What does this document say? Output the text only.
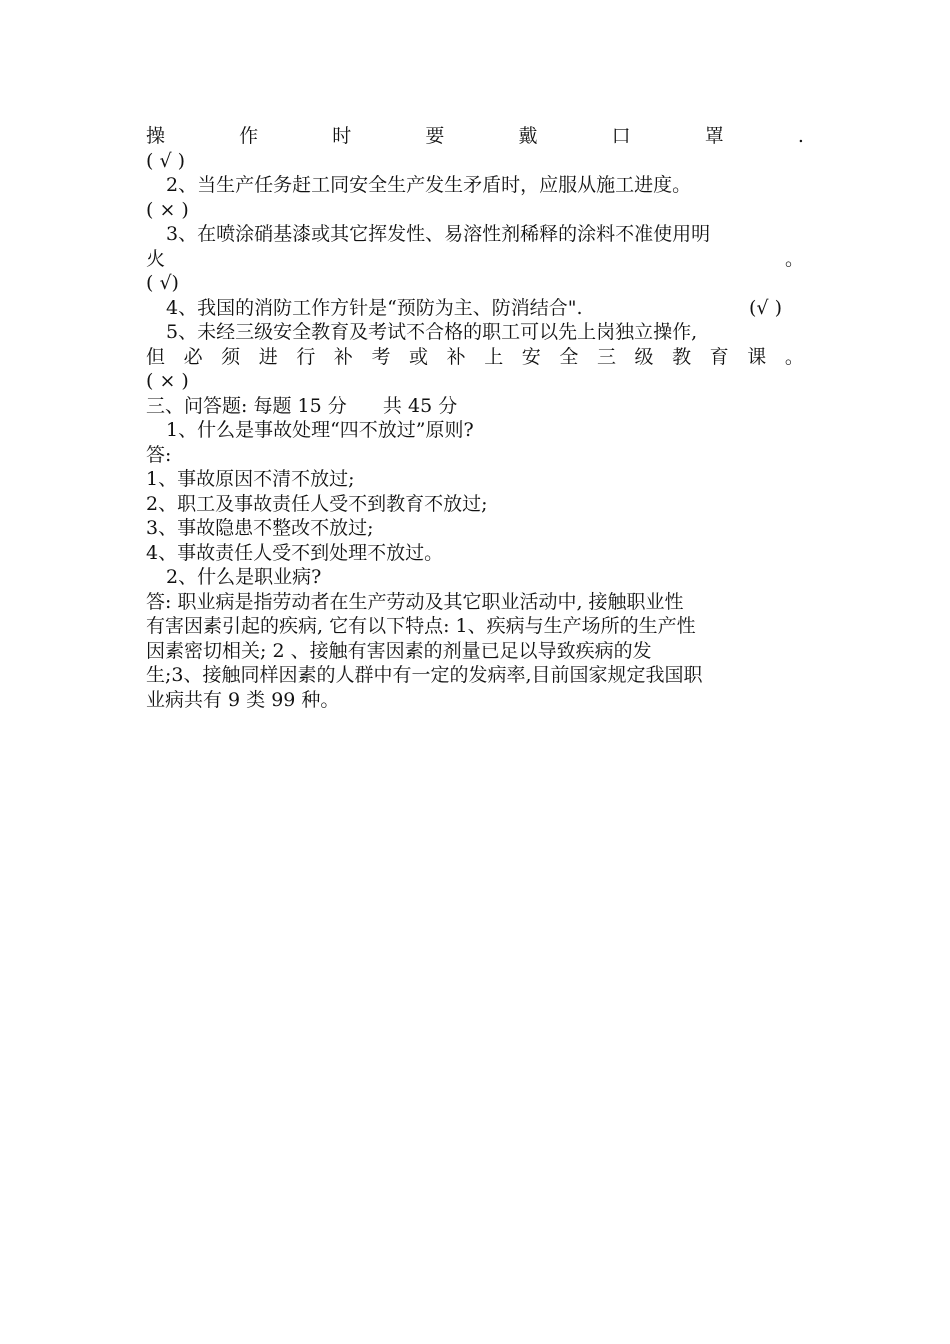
操	作	时	要	戴	口	罩	.
( √ )
2、当生产任务赶工同安全生产发生矛盾时，应服从施工进度。
( × )
3、在喷涂硝基漆或其它挥发性、易溶性剂稀释的涂料不准使用明
火	。
( √)
4、我国的消防工作方针是“预防为主、防消结合".	(√ )
5、未经三级安全教育及考试不合格的职工可以先上岗独立操作,
但 必 须 进 行 补 考 或 补 上 安 全 三 级 教 育 课 。
( × )
三、问答题: 每题 15 分      共 45 分
1、什么是事故处理“四不放过”原则?
答:
1、事故原因不清不放过;
2、职工及事故责任人受不到教育不放过;
3、事故隐患不整改不放过;
4、事故责任人受不到处理不放过。
2、什么是职业病?
答: 职业病是指劳动者在生产劳动及其它职业活动中, 接触职业性
有害因素引起的疾病, 它有以下特点: 1、疾病与生产场所的生产性
因素密切相关; 2 、接触有害因素的剂量已足以导致疾病的发
生;3、接触同样因素的人群中有一定的发病率,目前国家规定我国职
业病共有 9 类 99 种。
